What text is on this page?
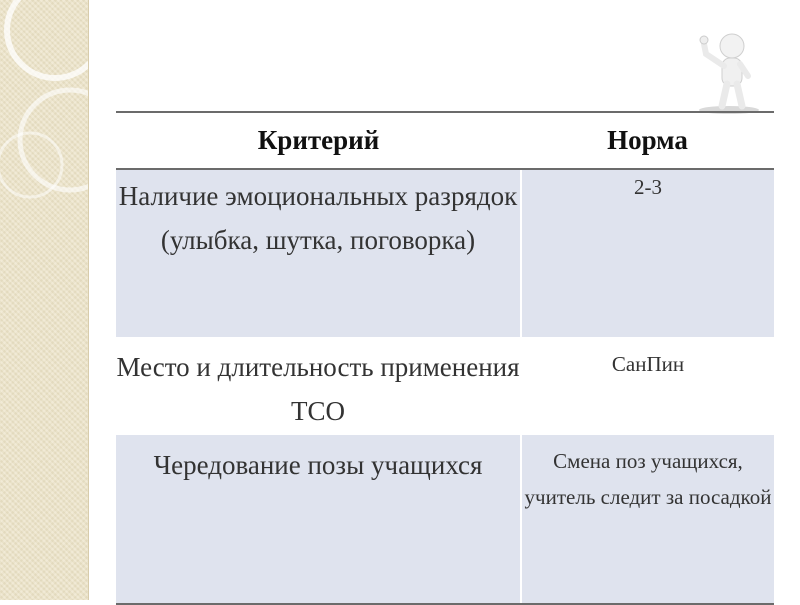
Критерий	Норма
Наличие эмоциональных разрядок (улыбка, шутка, поговорка)	2-3
Место и длительность применения ТСО	СанПин
Чередование позы учащихся	Смена поз учащихся, учитель следит за посадкой
